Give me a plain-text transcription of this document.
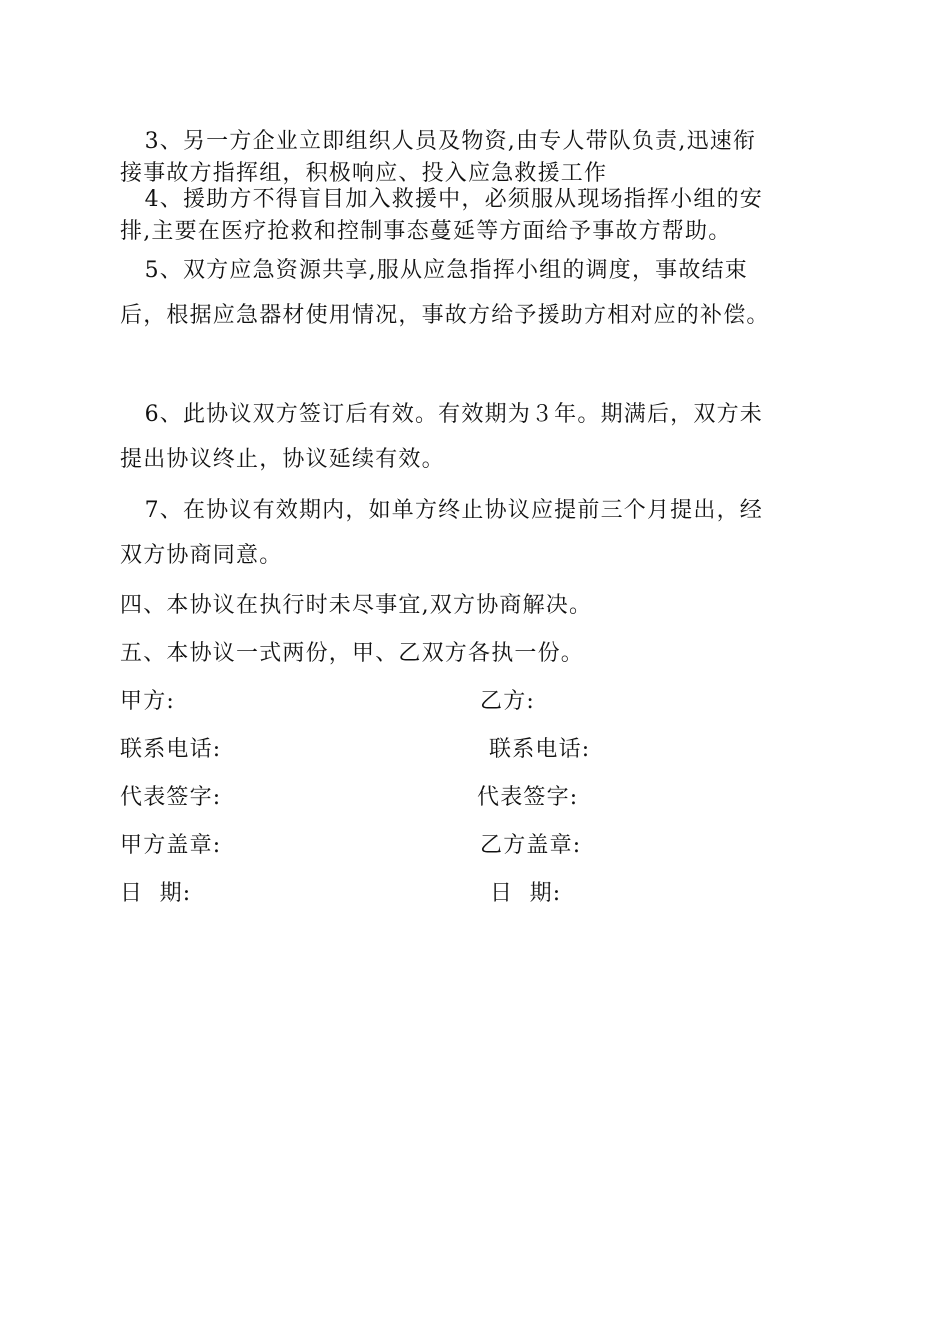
3、另一方企业立即组织人员及物资,由专人带队负责,迅速衔
接事故方指挥组，积极响应、投入应急救援工作

4、援助方不得盲目加入救援中，必须服从现场指挥小组的安
排,主要在医疗抢救和控制事态蔓延等方面给予事故方帮助。

5、双方应急资源共享,服从应急指挥小组的调度，事故结束
后，根据应急器材使用情况，事故方给予援助方相对应的补偿。

6、此协议双方签订后有效。有效期为３年。期满后，双方未
提出协议终止，协议延续有效。

7、在协议有效期内，如单方终止协议应提前三个月提出，经
双方协商同意。

四、本协议在执行时未尽事宜,双方协商解决。
五、本协议一式两份，甲、乙双方各执一份。
甲方:	乙方:
联系电话:	联系电话:
代表签字:	代表签字:
甲方盖章:	乙方盖章:
日  期:	日  期:
